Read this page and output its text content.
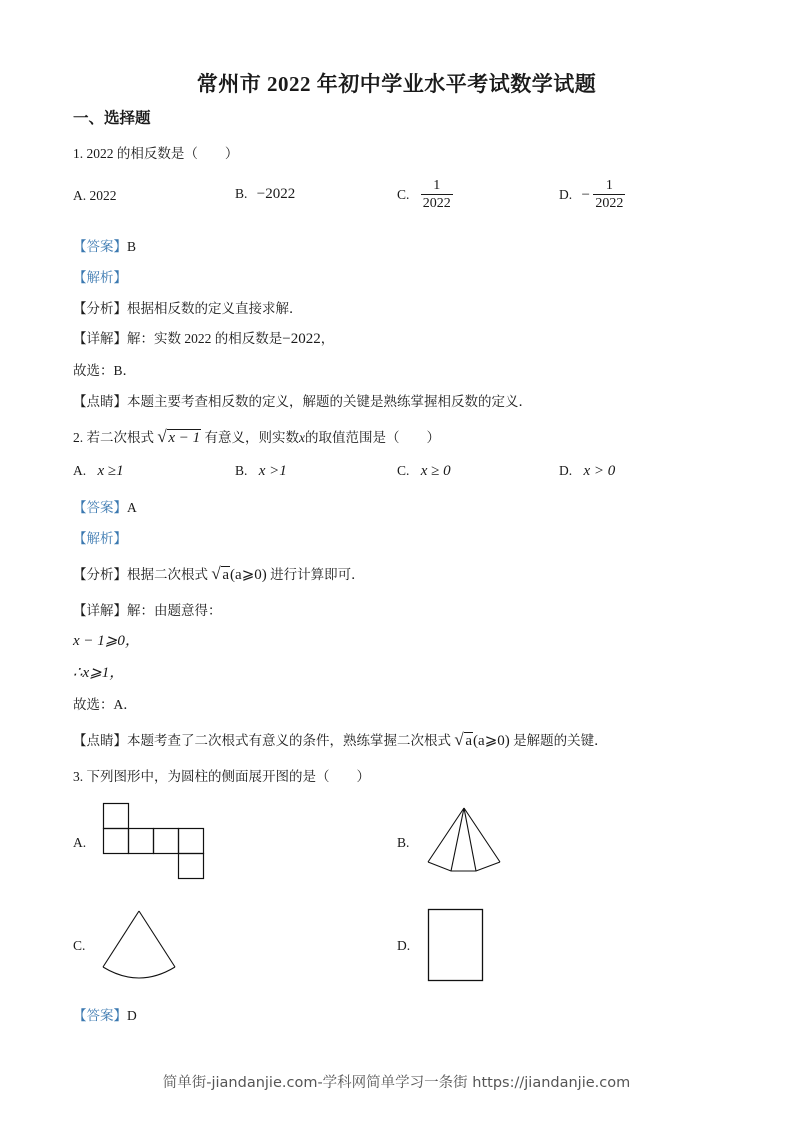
常州市 2022 年初中学业水平考试数学试题
一、选择题
1. 2022 的相反数是（　　）
A. 2022	B. −2022	C. $\frac{1}{2022}$	D. − $\frac{1}{2022}$
【答案】B
【解析】
【分析】根据相反数的定义直接求解．
【详解】解：实数 2022 的相反数是−2022，
故选：B．
【点睛】本题主要考查相反数的定义，解题的关键是熟练掌握相反数的定义．
2. 若二次根式 √ x − 1 有意义，则实数x的取值范围是（　　）
A. x ≥1	B. x >1	C. x ≥ 0	D. x > 0
【答案】A
【解析】
【分析】根据二次根式 √ a(a⩾0) 进行计算即可．
【详解】解：由题意得：
x − 1⩾0，
∴x⩾1，
故选：A．
【点睛】本题考查了二次根式有意义的条件，熟练掌握二次根式 √ a(a⩾0) 是解题的关键．
3. 下列图形中，为圆柱的侧面展开图的是（　　）
A.	B.
C.	D.
【答案】D
简单街-jiandanjie.com-学科网简单学习一条街 https://jiandanjie.com
